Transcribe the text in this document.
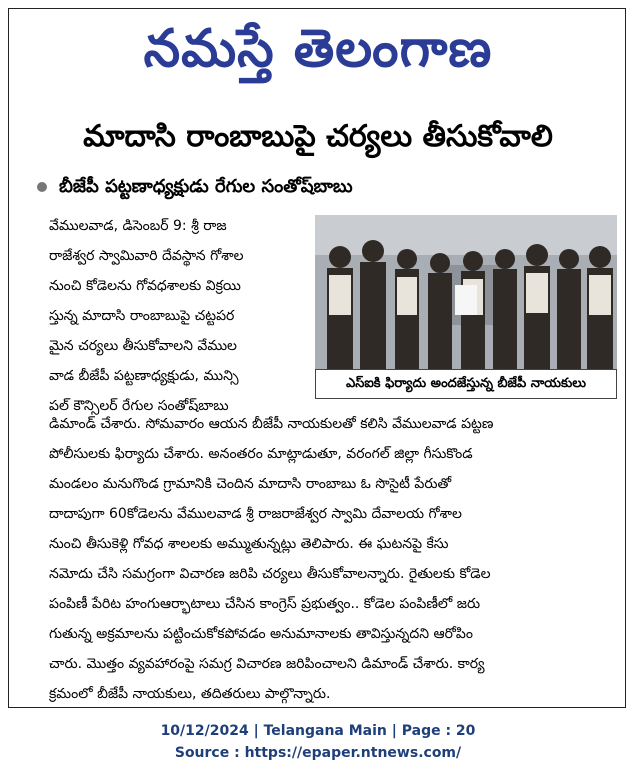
నమస్తే తెలంగాణ
మాదాసి రాంబాబుపై చర్యలు తీసుకోవాలి
బీజేపీ పట్టణాధ్యక్షుడు రేగుల సంతోష్‌బాబు
వేములవాడ, డిసెంబర్ 9: శ్రీ రాజ
రాజేశ్వర స్వామివారి దేవస్థాన గోశాల
నుంచి కోడెలను గోవధశాలకు విక్రయి
స్తున్న మాదాసి రాంబాబుపై చట్టపర
మైన చర్యలు తీసుకోవాలని వేముల
వాడ బీజేపీ పట్టణాధ్యక్షుడు, మున్సి
పల్ కౌన్సిలర్ రేగుల సంతోష్‌బాబు
ఎస్ఐకి ఫిర్యాదు అందజేస్తున్న బీజేపీ నాయకులు
డిమాండ్ చేశారు. సోమవారం ఆయన బీజేపీ నాయకులతో కలిసి వేములవాడ పట్టణ
పోలీసులకు ఫిర్యాదు చేశారు. అనంతరం మాట్లాడుతూ, వరంగల్ జిల్లా గీసుకొండ
మండలం మనుగొండ గ్రామానికి చెందిన మాదాసి రాంబాబు ఓ సొసైటీ పేరుతో
దాదాపుగా 60కోడెలను వేములవాడ శ్రీ రాజరాజేశ్వర స్వామి దేవాలయ గోశాల
నుంచి తీసుకెళ్లి గోవధ శాలలకు అమ్ముతున్నట్లు తెలిపారు. ఈ ఘటనపై కేసు
నమోదు చేసి సమగ్రంగా విచారణ జరిపి చర్యలు తీసుకోవాలన్నారు. రైతులకు కోడెల
పంపిణీ పేరిట హంగుఆర్భాటాలు చేసిన కాంగ్రెస్ ప్రభుత్వం.. కోడెల పంపిణీలో జరు
గుతున్న అక్రమాలను పట్టించుకోకపోవడం అనుమానాలకు తావిస్తున్నదని ఆరోపిం
చారు. మొత్తం వ్యవహారంపై సమగ్ర విచారణ జరిపించాలని డిమాండ్ చేశారు. కార్య
క్రమంలో బీజేపీ నాయకులు, తదితరులు పాల్గొన్నారు.
10/12/2024 | Telangana Main | Page : 20
Source : https://epaper.ntnews.com/
